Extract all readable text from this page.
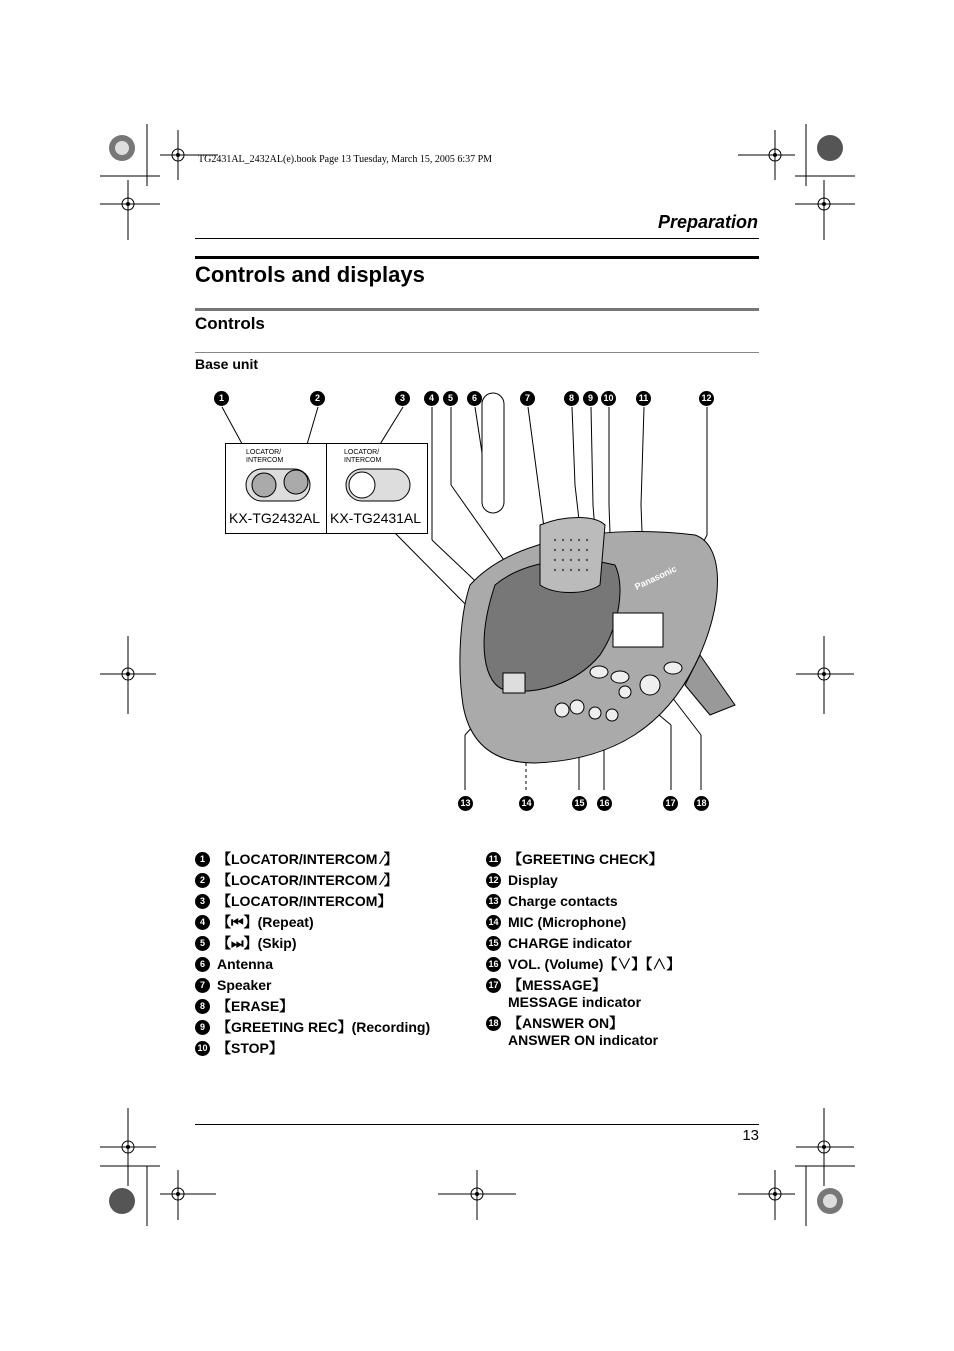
TG2431AL_2432AL(e).book Page 13 Tuesday, March 15, 2005 6:37 PM
Preparation
Controls and displays
Controls
Base unit
Panasonic
LOCATOR/
INTERCOM
LOCATOR/
INTERCOM
KX-TG2432AL KX-TG2431AL
1	2	3	4	5	6	7	8	9	10	11	12
13	14	15 16	17 18
1 【LOCATOR/INTERCOM ⁄】
2 【LOCATOR/INTERCOM ⁄】
3 【LOCATOR/INTERCOM】
4 【⏮】(Repeat)
5 【⏭】(Skip)
6 Antenna
7 Speaker
8 【ERASE】
9 【GREETING REC】(Recording)
10 【STOP】
11 【GREETING CHECK】
12 Display
13 Charge contacts
14 MIC (Microphone)
15 CHARGE indicator
16 VOL. (Volume)【∨】【∧】
17 【MESSAGE】
MESSAGE indicator
18 【ANSWER ON】
ANSWER ON indicator
13
